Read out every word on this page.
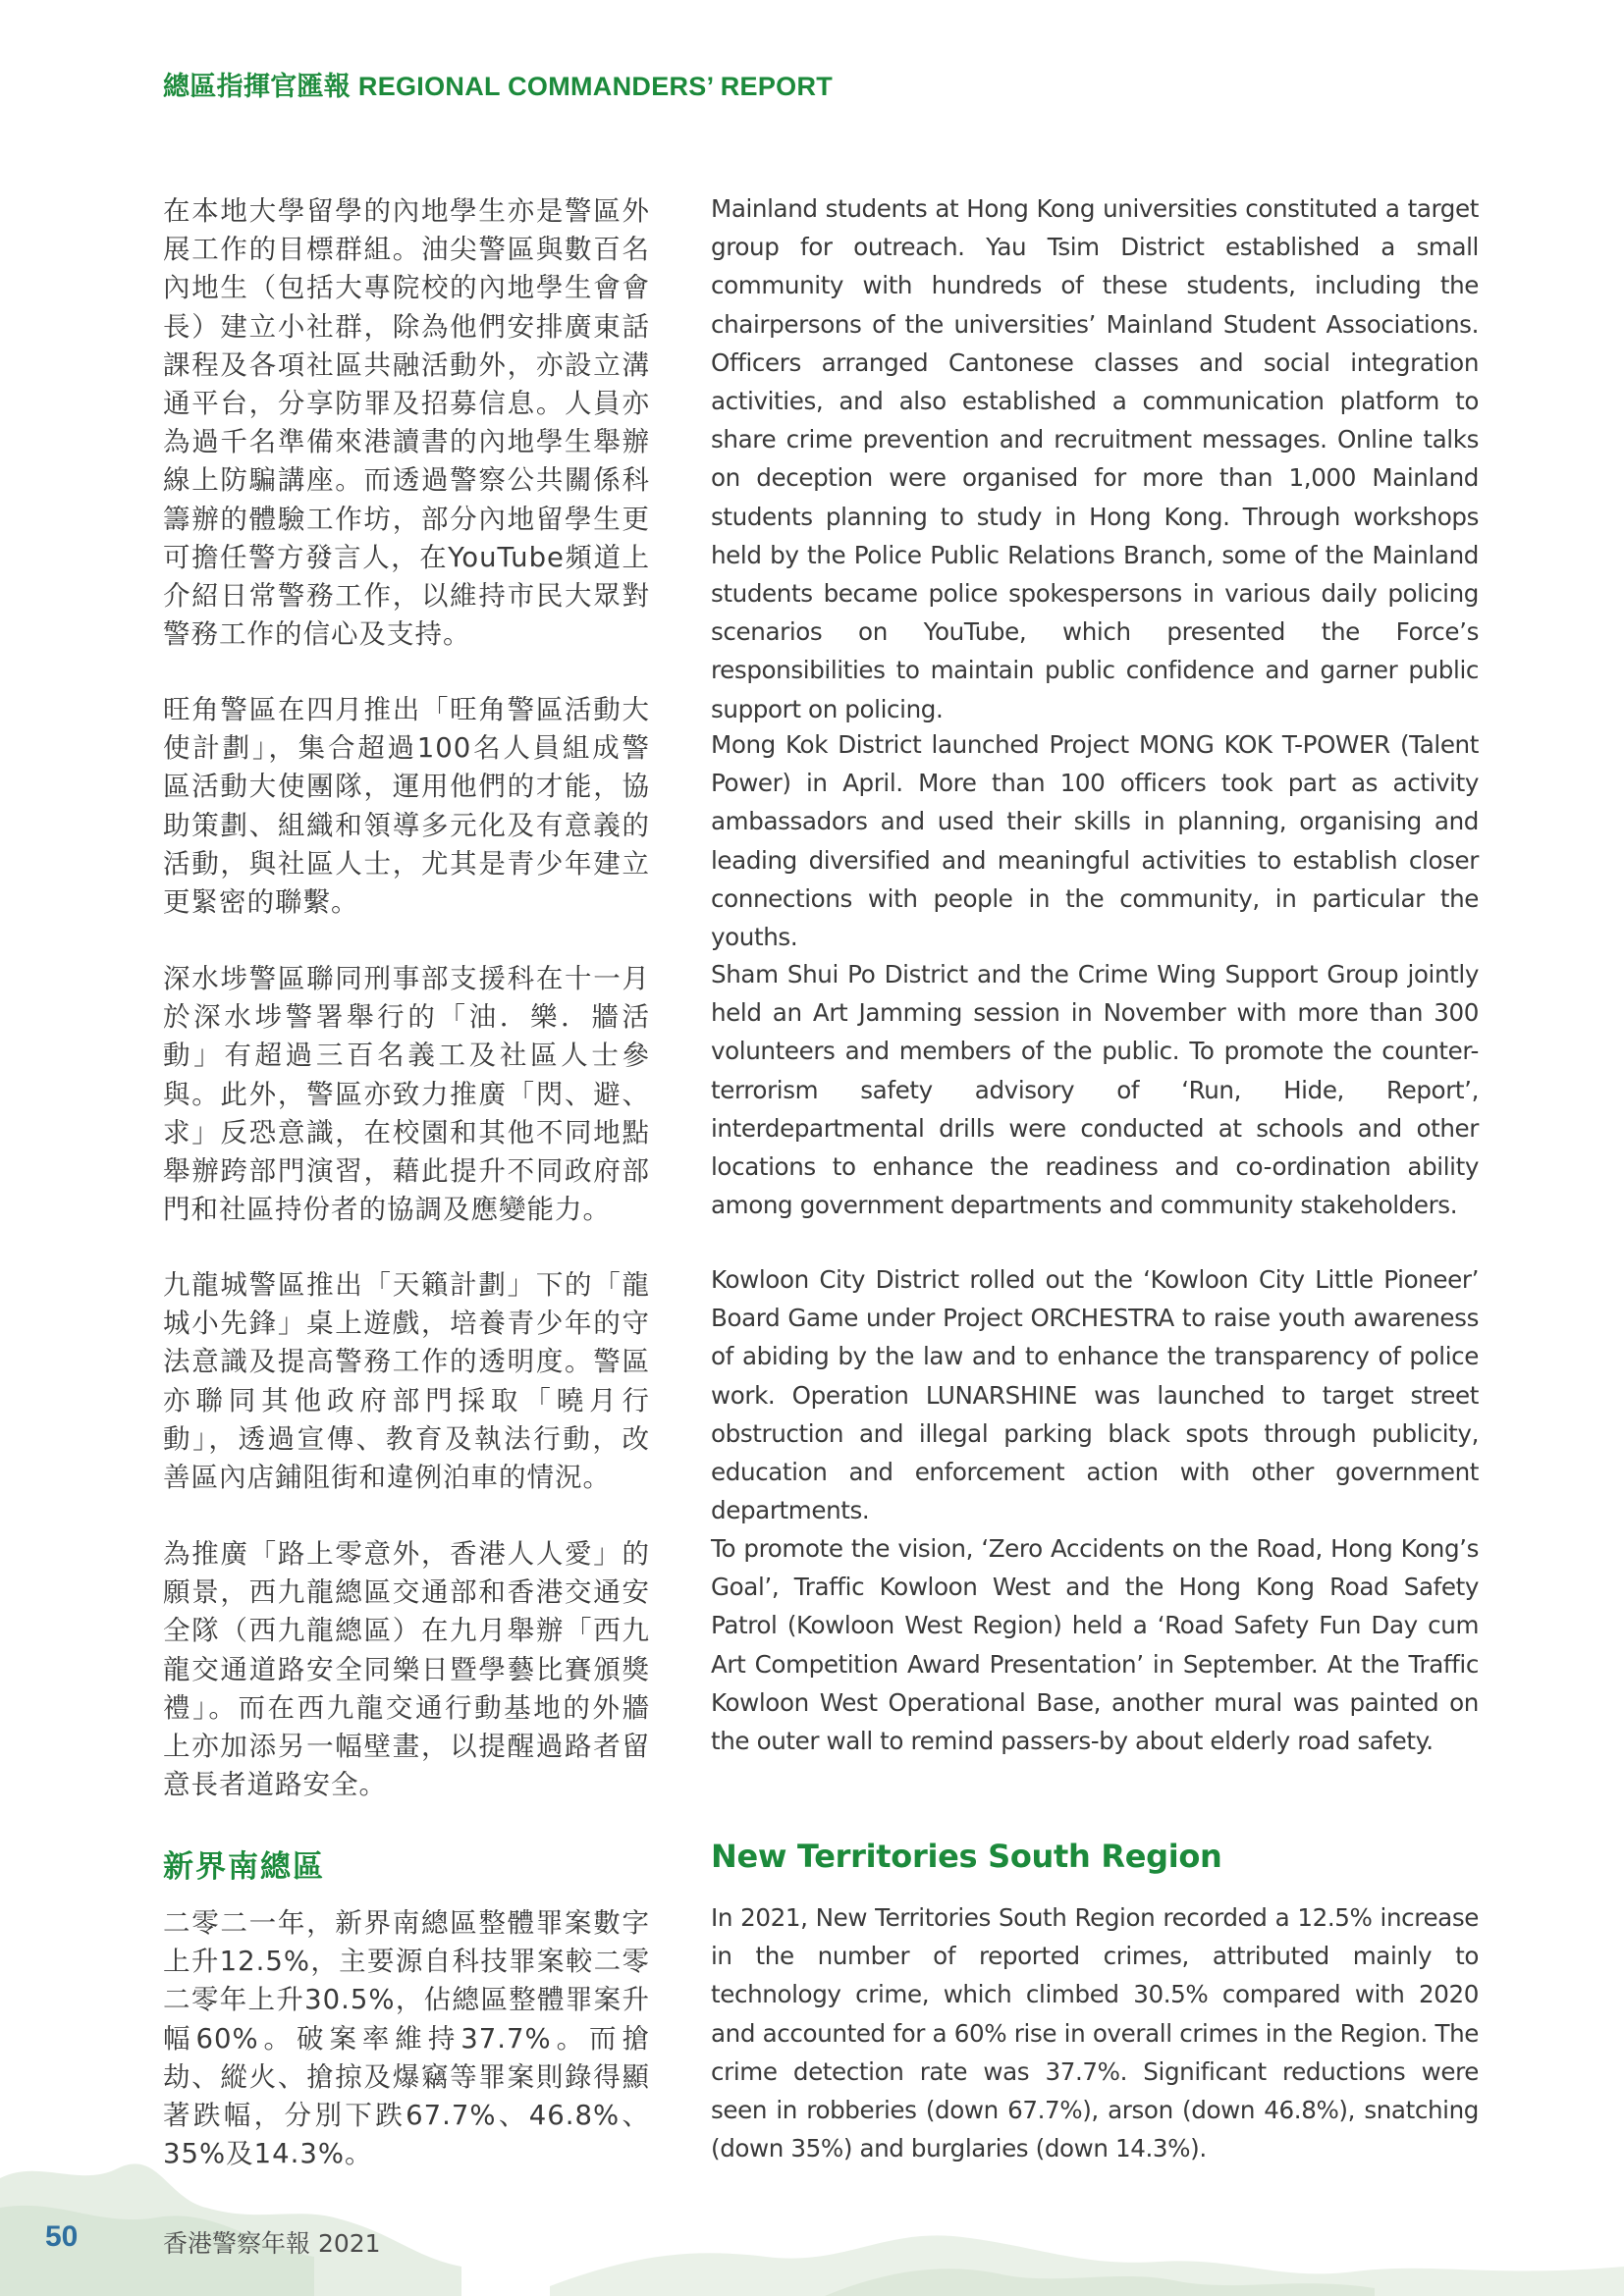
總區指揮官匯報 REGIONAL COMMANDERS’ REPORT

在本地大學留學的內地學生亦是警區外展工作的目標群組。油尖警區與數百名內地生（包括大專院校的內地學生會會長）建立小社群，除為他們安排廣東話課程及各項社區共融活動外，亦設立溝通平台，分享防罪及招募信息。人員亦為過千名準備來港讀書的內地學生舉辦線上防騙講座。而透過警察公共關係科籌辦的體驗工作坊，部分內地留學生更可擔任警方發言人，在YouTube頻道上介紹日常警務工作，以維持市民大眾對警務工作的信心及支持。

旺角警區在四月推出「旺角警區活動大使計劃」，集合超過100名人員組成警區活動大使團隊，運用他們的才能，協助策劃、組織和領導多元化及有意義的活動，與社區人士，尤其是青少年建立更緊密的聯繫。

深水埗警區聯同刑事部支援科在十一月於深水埗警署舉行的「油．樂．牆活動」有超過三百名義工及社區人士參與。此外，警區亦致力推廣「閃、避、求」反恐意識，在校園和其他不同地點舉辦跨部門演習，藉此提升不同政府部門和社區持份者的協調及應變能力。

九龍城警區推出「天籟計劃」下的「龍城小先鋒」桌上遊戲，培養青少年的守法意識及提高警務工作的透明度。警區亦聯同其他政府部門採取「曉月行動」，透過宣傳、教育及執法行動，改善區內店鋪阻街和違例泊車的情況。

為推廣「路上零意外，香港人人愛」的願景，西九龍總區交通部和香港交通安全隊（西九龍總區）在九月舉辦「西九龍交通道路安全同樂日暨學藝比賽頒獎禮」。而在西九龍交通行動基地的外牆上亦加添另一幅壁畫，以提醒過路者留意長者道路安全。

新界南總區

二零二一年，新界南總區整體罪案數字上升12.5%，主要源自科技罪案較二零二零年上升30.5%，佔總區整體罪案升幅60%。破案率維持37.7%。而搶劫、縱火、搶掠及爆竊等罪案則錄得顯著跌幅，分別下跌67.7%、46.8%、35%及14.3%。

Mainland students at Hong Kong universities constituted a target group for outreach. Yau Tsim District established a small community with hundreds of these students, including the chairpersons of the universities’ Mainland Student Associations. Officers arranged Cantonese classes and social integration activities, and also established a communication platform to share crime prevention and recruitment messages. Online talks on deception were organised for more than 1,000 Mainland students planning to study in Hong Kong. Through workshops held by the Police Public Relations Branch, some of the Mainland students became police spokespersons in various daily policing scenarios on YouTube, which presented the Force’s responsibilities to maintain public confidence and garner public support on policing.

Mong Kok District launched Project MONG KOK T-POWER (Talent Power) in April. More than 100 officers took part as activity ambassadors and used their skills in planning, organising and leading diversified and meaningful activities to establish closer connections with people in the community, in particular the youths.

Sham Shui Po District and the Crime Wing Support Group jointly held an Art Jamming session in November with more than 300 volunteers and members of the public. To promote the counter-terrorism safety advisory of ‘Run, Hide, Report’, interdepartmental drills were conducted at schools and other locations to enhance the readiness and co-ordination ability among government departments and community stakeholders.

Kowloon City District rolled out the ‘Kowloon City Little Pioneer’ Board Game under Project ORCHESTRA to raise youth awareness of abiding by the law and to enhance the transparency of police work. Operation LUNARSHINE was launched to target street obstruction and illegal parking black spots through publicity, education and enforcement action with other government departments.

To promote the vision, ‘Zero Accidents on the Road, Hong Kong’s Goal’, Traffic Kowloon West and the Hong Kong Road Safety Patrol (Kowloon West Region) held a ‘Road Safety Fun Day cum Art Competition Award Presentation’ in September. At the Traffic Kowloon West Operational Base, another mural was painted on the outer wall to remind passers-by about elderly road safety.

New Territories South Region

In 2021, New Territories South Region recorded a 12.5% increase in the number of reported crimes, attributed mainly to technology crime, which climbed 30.5% compared with 2020 and accounted for a 60% rise in overall crimes in the Region. The crime detection rate was 37.7%. Significant reductions were seen in robberies (down 67.7%), arson (down 46.8%), snatching (down 35%) and burglaries (down 14.3%).

50	香港警察年報 2021
